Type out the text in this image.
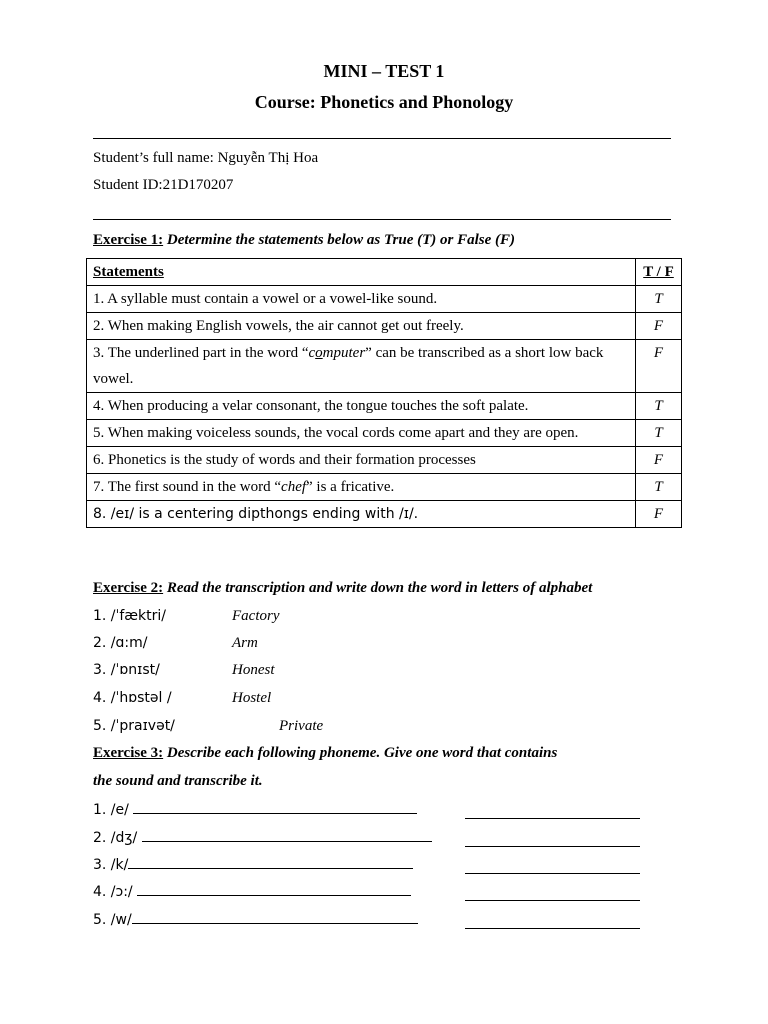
MINI – TEST 1
Course: Phonetics and Phonology
Student’s full name: Nguyễn Thị Hoa
Student ID:21D170207
Exercise 1: Determine the statements below as True (T) or False (F)
Statements	T / F
1. A syllable must contain a vowel or a vowel-like sound.	T
2. When making English vowels, the air cannot get out freely.	F
3. The underlined part in the word “computer” can be transcribed as a short low back vowel.	F
4. When producing a velar consonant, the tongue touches the soft palate.	T
5. When making voiceless sounds, the vocal cords come apart and they are open.	T
6. Phonetics is the study of words and their formation processes	F
7. The first sound in the word “chef” is a fricative.	T
8. /eɪ/ is a centering dipthongs ending with /ɪ/.	F
Exercise 2: Read the transcription and write down the word in letters of alphabet
1. /ˈfæktri/	Factory
2. /ɑ:m/	Arm
3. /ˈɒnɪst/	Honest
4. /ˈhɒstəl /	Hostel
5. /ˈpraɪvət/	Private
Exercise 3: Describe each following phoneme. Give one word that contains
the sound and transcribe it.
1. /e/
2. /dʒ/
3. /k/
4. /ɔ:/
5. /w/
